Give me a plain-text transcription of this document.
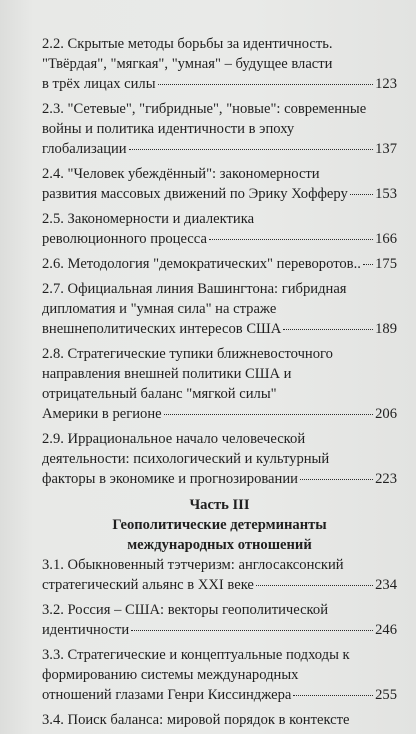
2.2. Скрытые методы борьбы за идентичность.
"Твёрдая", "мягкая", "умная" – будущее власти
в трёх лицах силы	123
2.3. "Сетевые", "гибридные", "новые": современные
войны и политика идентичности в эпоху
глобализации	137
2.4. "Человек убеждённый": закономерности
развития массовых движений по Эрику Хофферу 153
2.5. Закономерности и диалектика
революционного процесса	166
2.6. Методология "демократических" переворотов.. 175
2.7. Официальная линия Вашингтона: гибридная
дипломатия и "умная сила" на страже
внешнеполитических интересов США	189
2.8. Стратегические тупики ближневосточного
направления внешней политики США и
отрицательный баланс "мягкой силы"
Америки в регионе	206
2.9. Иррациональное начало человеческой
деятельности: психологический и культурный
факторы в экономике и прогнозировании	223
Часть III
Геополитические детерминанты
международных отношений
3.1. Обыкновенный тэтчеризм: англосаксонский
стратегический альянс в XXI веке	234
3.2. Россия – США: векторы геополитической
идентичности	246
3.3. Стратегические и концептуальные подходы к
формированию системы международных
отношений глазами Генри Киссинджера	255
3.4. Поиск баланса: мировой порядок в контексте
